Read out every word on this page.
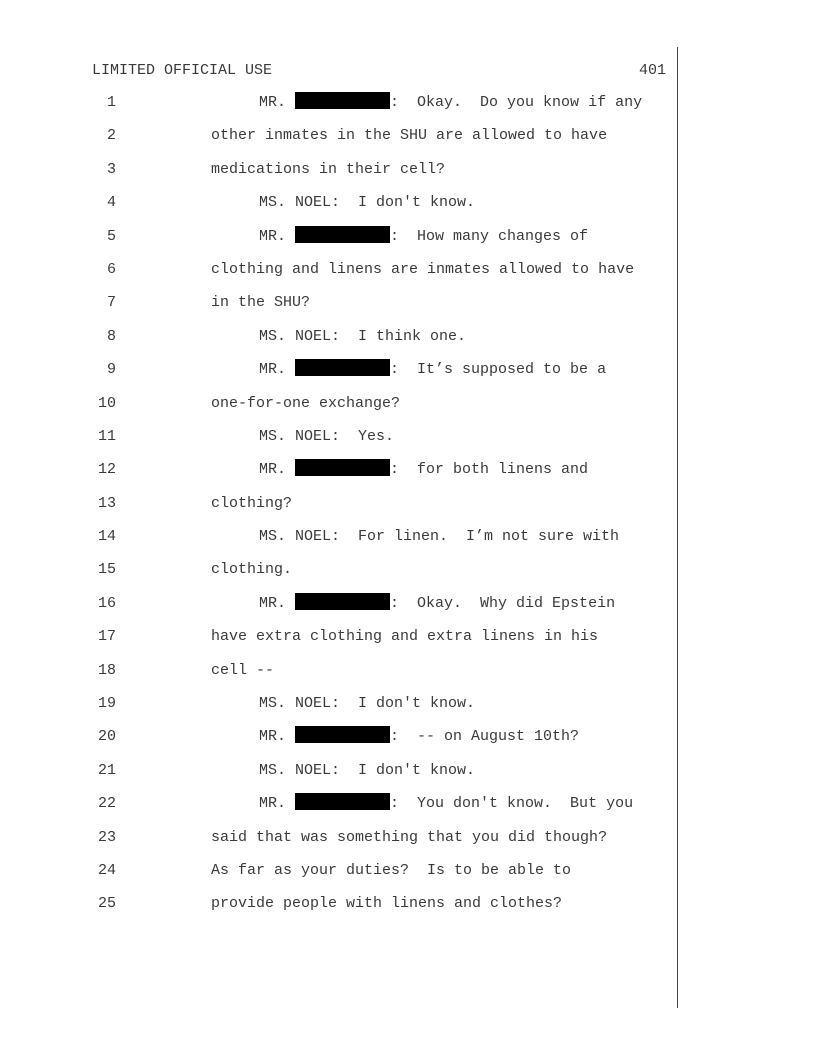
LIMITED OFFICIAL USE	401
1	MR.	:  Okay.  Do you know if any
2	other inmates in the SHU are allowed to have
3	medications in their cell?
4	MS. NOEL:  I don't know.
5	MR.	:  How many changes of
6	clothing and linens are inmates allowed to have
7	in the SHU?
8	MS. NOEL:  I think one.
9	MR.	:  It’s supposed to be a
10	one-for-one exchange?
11	MS. NOEL:  Yes.
12	MR.	:  for both linens and
13	clothing?
14	MS. NOEL:  For linen.  I’m not sure with
15	clothing.
16	MR.	:  Okay.  Why did Epstein
17	have extra clothing and extra linens in his
18	cell --
19	MS. NOEL:  I don't know.
20	MR.	:  -- on August 10th?
21	MS. NOEL:  I don't know.
22	MR.	:  You don't know.  But you
23	said that was something that you did though?
24	As far as your duties?  Is to be able to
25	provide people with linens and clothes?
